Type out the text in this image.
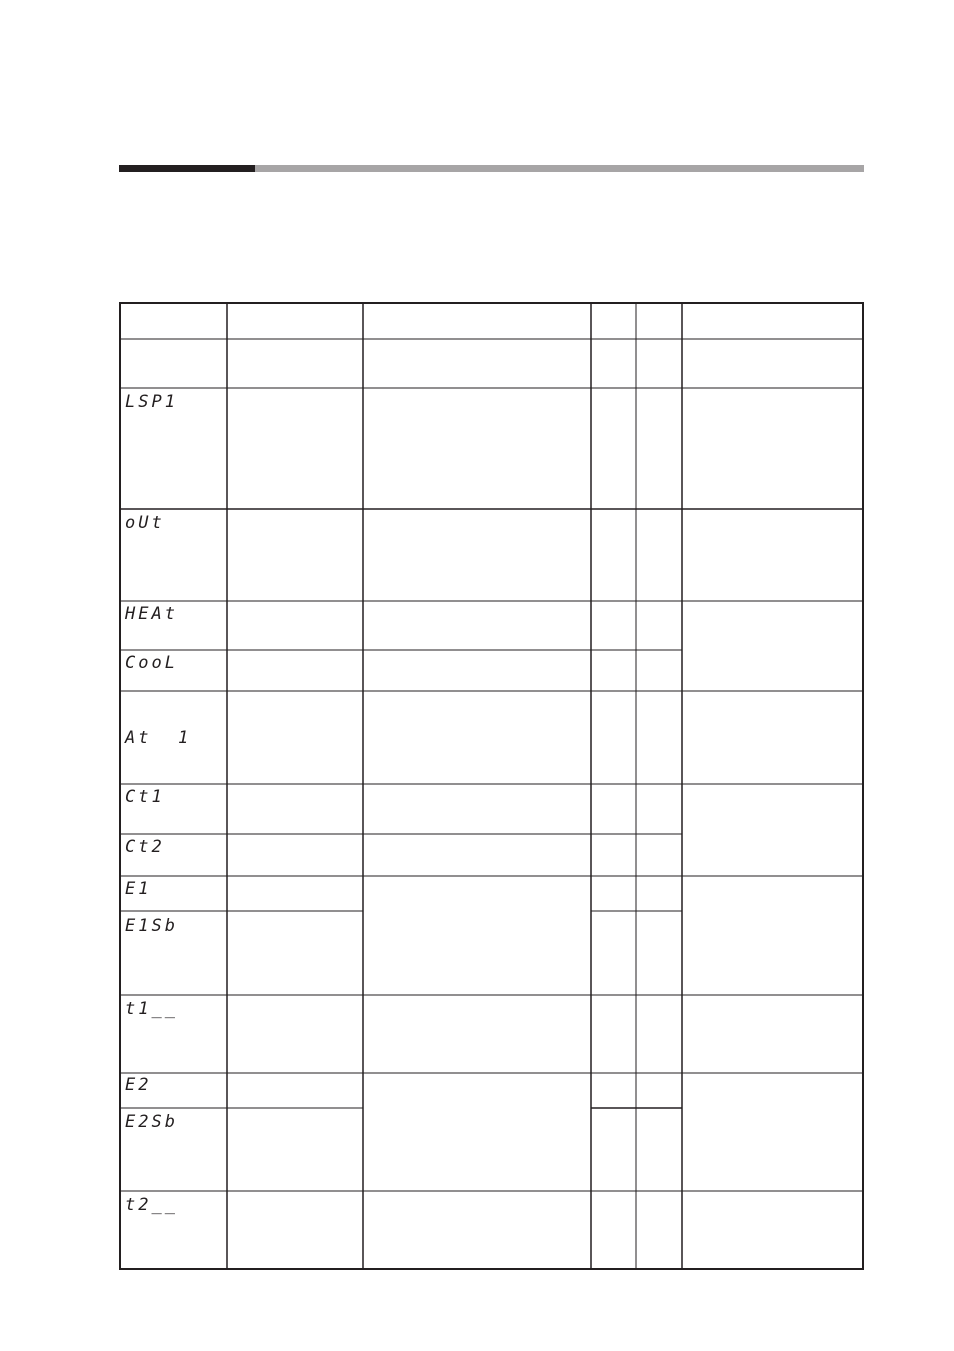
LSP1
oUt
HEAt
CooL
At  1
Ct1
Ct2
E1
E1Sb
t1__
E2
E2Sb
t2__
